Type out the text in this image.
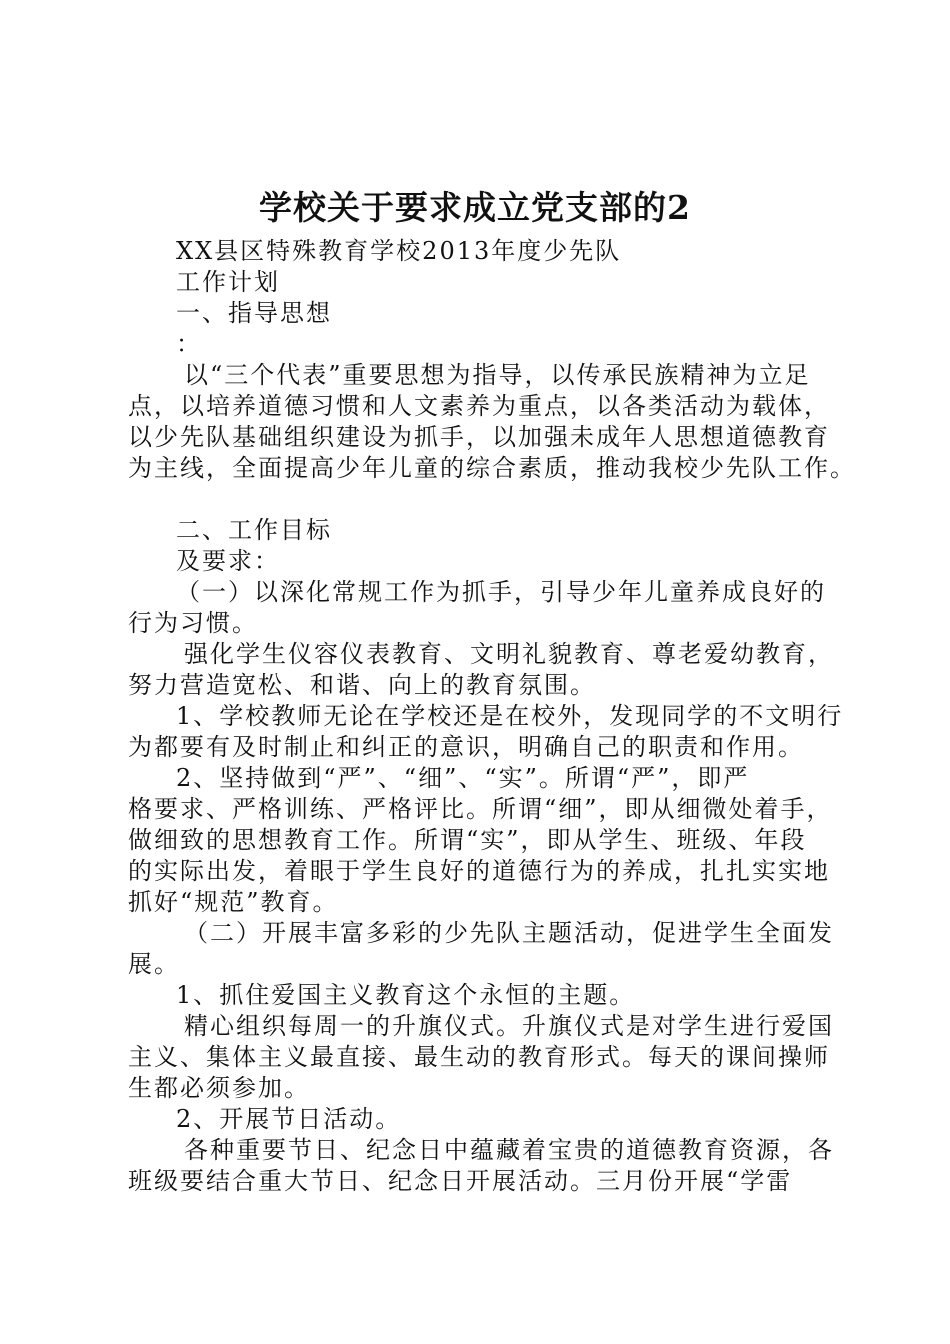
学校关于要求成立党支部的2
XX县区特殊教育学校2013年度少先队
工作计划
一、指导思想
：
以“三个代表”重要思想为指导，以传承民族精神为立足
点，以培养道德习惯和人文素养为重点，以各类活动为载体，
以少先队基础组织建设为抓手，以加强未成年人思想道德教育
为主线，全面提高少年儿童的综合素质，推动我校少先队工作。
二、工作目标
及要求：
（一）以深化常规工作为抓手，引导少年儿童养成良好的
行为习惯。
强化学生仪容仪表教育、文明礼貌教育、尊老爱幼教育，
努力营造宽松、和谐、向上的教育氛围。
1、学校教师无论在学校还是在校外，发现同学的不文明行
为都要有及时制止和纠正的意识，明确自己的职责和作用。
2、坚持做到“严”、“细”、“实”。所谓“严”，即严
格要求、严格训练、严格评比。所谓“细”，即从细微处着手，
做细致的思想教育工作。所谓“实”，即从学生、班级、年段
的实际出发，着眼于学生良好的道德行为的养成，扎扎实实地
抓好“规范”教育。
（二）开展丰富多彩的少先队主题活动，促进学生全面发
展。
1、抓住爱国主义教育这个永恒的主题。
精心组织每周一的升旗仪式。升旗仪式是对学生进行爱国
主义、集体主义最直接、最生动的教育形式。每天的课间操师
生都必须参加。
2、开展节日活动。
各种重要节日、纪念日中蕴藏着宝贵的道德教育资源，各
班级要结合重大节日、纪念日开展活动。三月份开展“学雷
